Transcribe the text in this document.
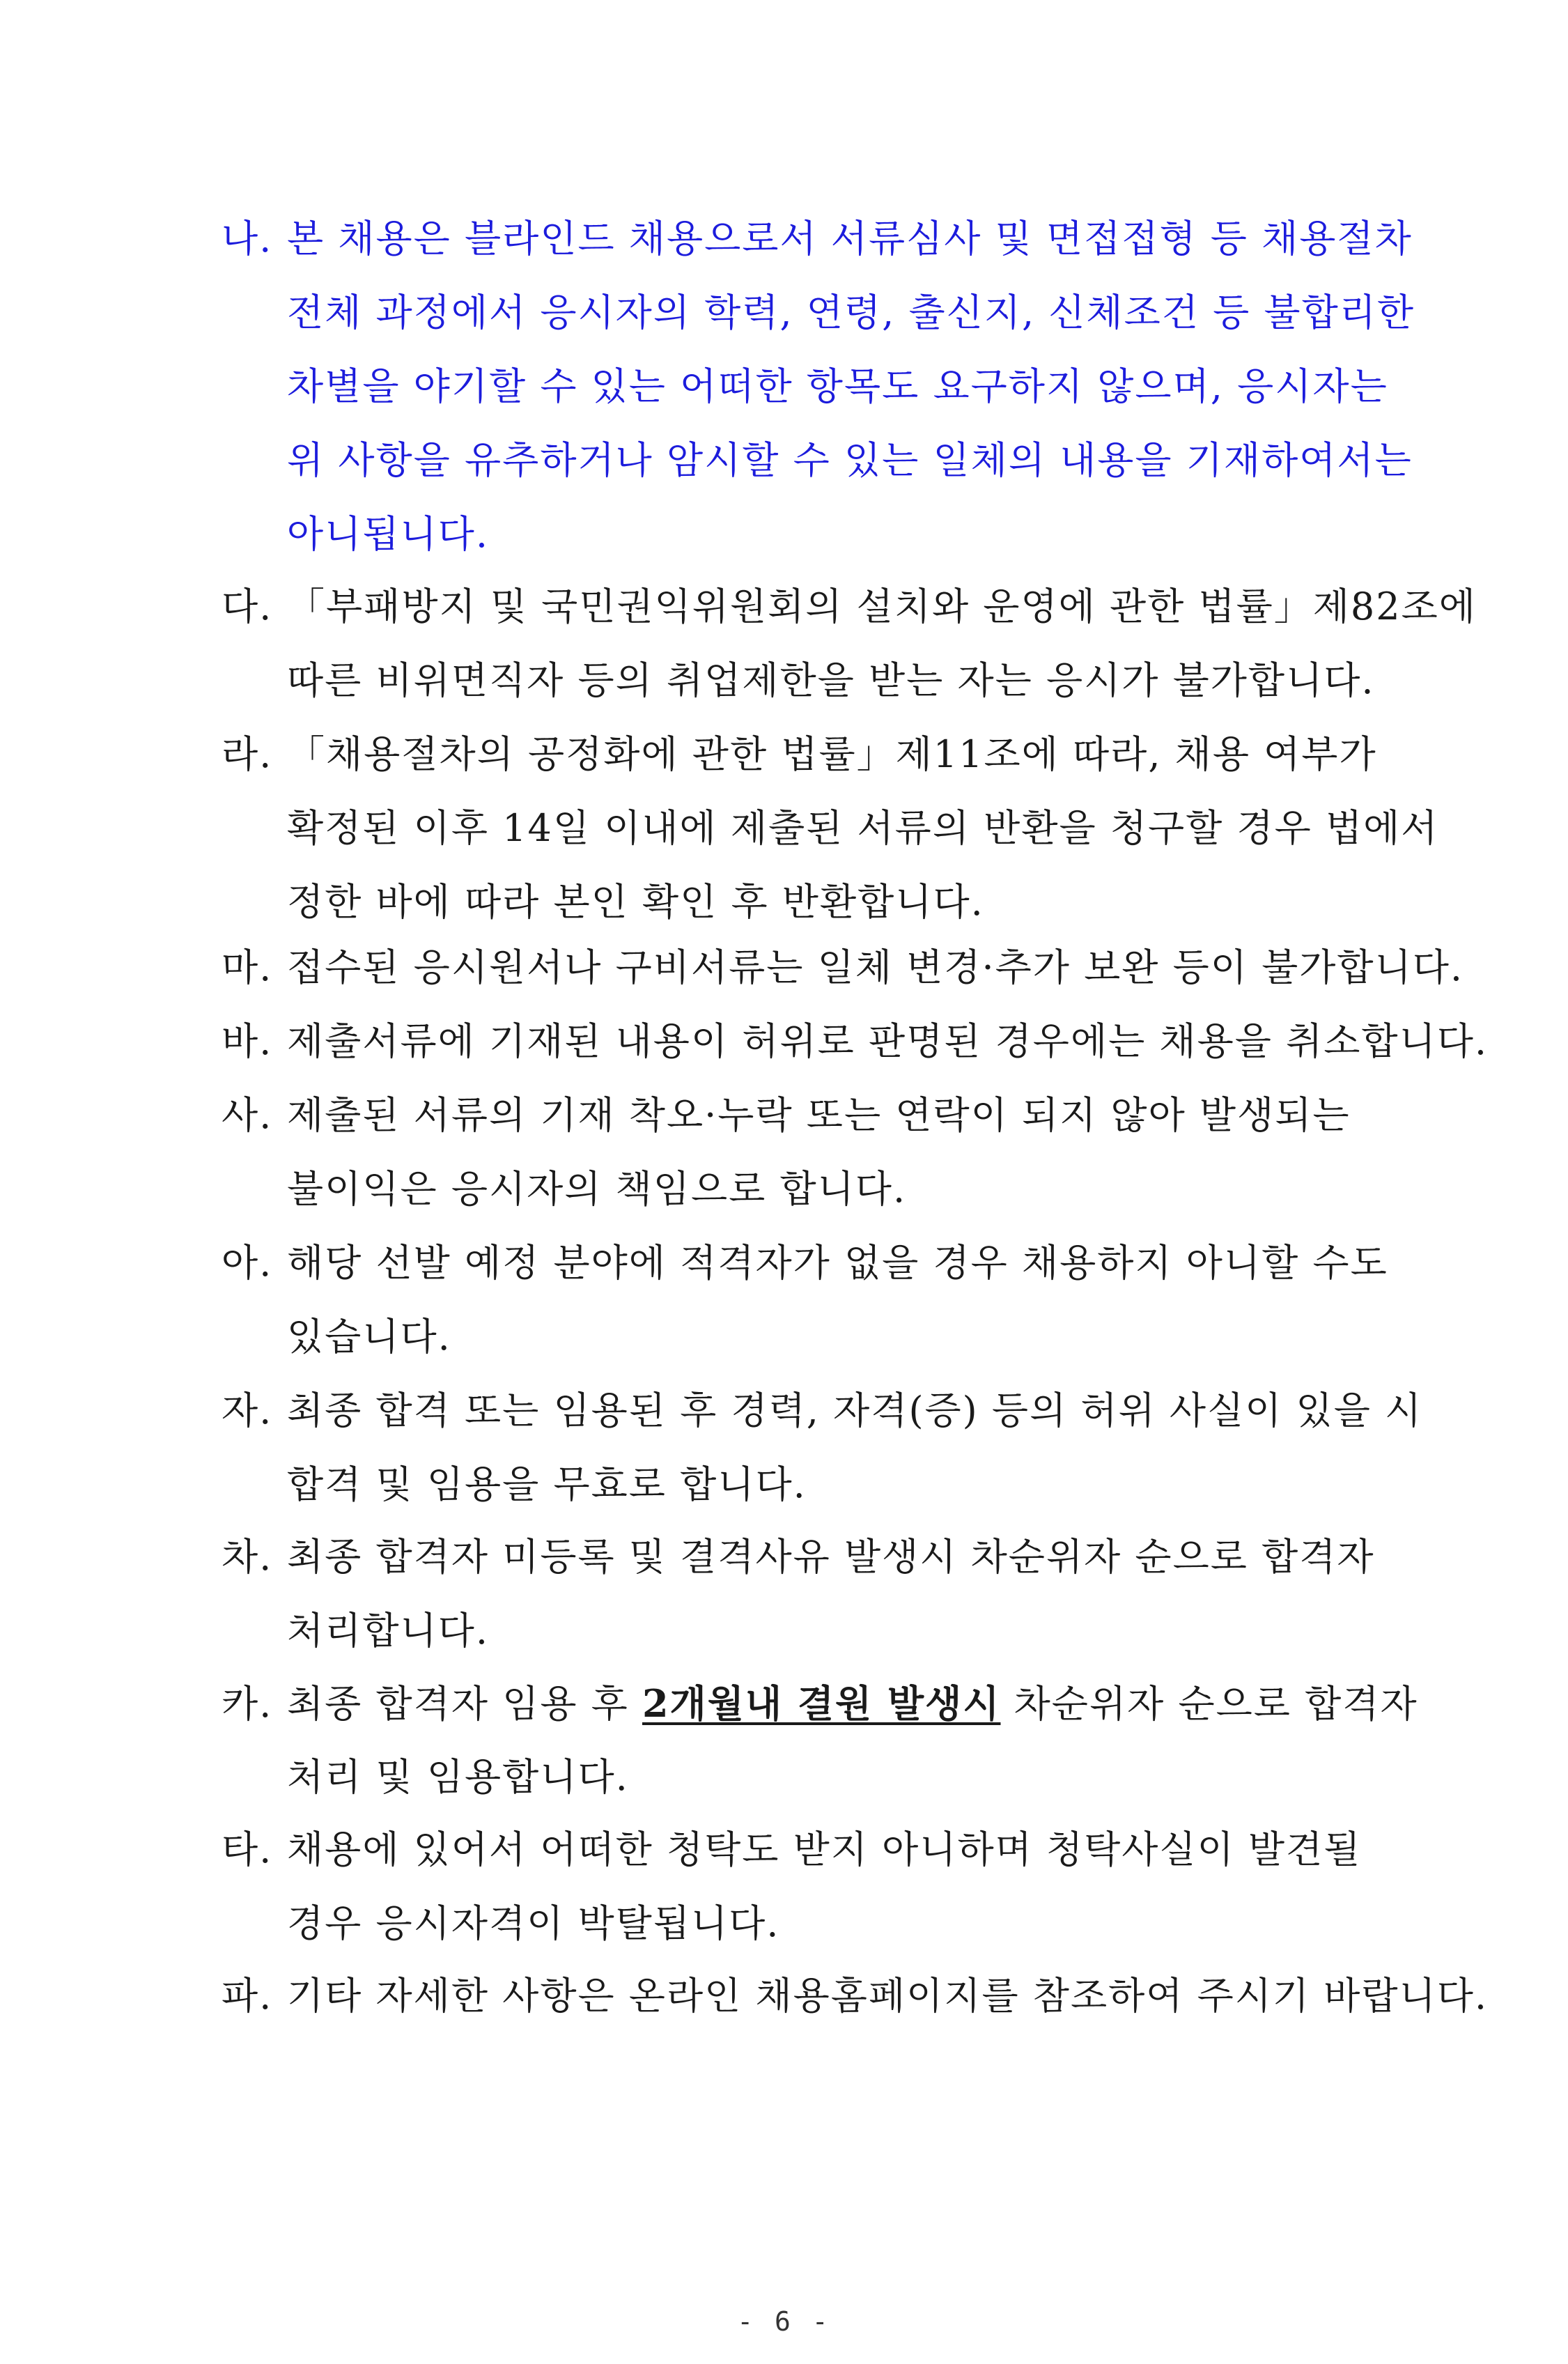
나. 본 채용은 블라인드 채용으로서 서류심사 및 면접접형 등 채용절차
전체 과정에서 응시자의 학력, 연령, 출신지, 신체조건 등 불합리한
차별을 야기할 수 있는 어떠한 항목도 요구하지 않으며, 응시자는
위 사항을 유추하거나 암시할 수 있는 일체의 내용을 기재하여서는
아니됩니다.
다. 「부패방지 및 국민권익위원회의 설치와 운영에 관한 법률」제82조에
따른 비위면직자 등의 취업제한을 받는 자는 응시가 불가합니다.
라. 「채용절차의 공정화에 관한 법률」제11조에 따라, 채용 여부가
확정된 이후 14일 이내에 제출된 서류의 반환을 청구할 경우 법에서
정한 바에 따라 본인 확인 후 반환합니다.
마. 접수된 응시원서나 구비서류는 일체 변경·추가 보완 등이 불가합니다.
바. 제출서류에 기재된 내용이 허위로 판명된 경우에는 채용을 취소합니다.
사. 제출된 서류의 기재 착오·누락 또는 연락이 되지 않아 발생되는
불이익은 응시자의 책임으로 합니다.
아. 해당 선발 예정 분야에 적격자가 없을 경우 채용하지 아니할 수도
있습니다.
자. 최종 합격 또는 임용된 후 경력, 자격(증) 등의 허위 사실이 있을 시
합격 및 임용을 무효로 합니다.
차. 최종 합격자 미등록 및 결격사유 발생시 차순위자 순으로 합격자
처리합니다.
카. 최종 합격자 임용 후 2개월내 결원 발생시 차순위자 순으로 합격자
처리 및 임용합니다.
타. 채용에 있어서 어떠한 청탁도 받지 아니하며 청탁사실이 발견될
경우 응시자격이 박탈됩니다.
파. 기타 자세한 사항은 온라인 채용홈페이지를 참조하여 주시기 바랍니다.
- 6 -
